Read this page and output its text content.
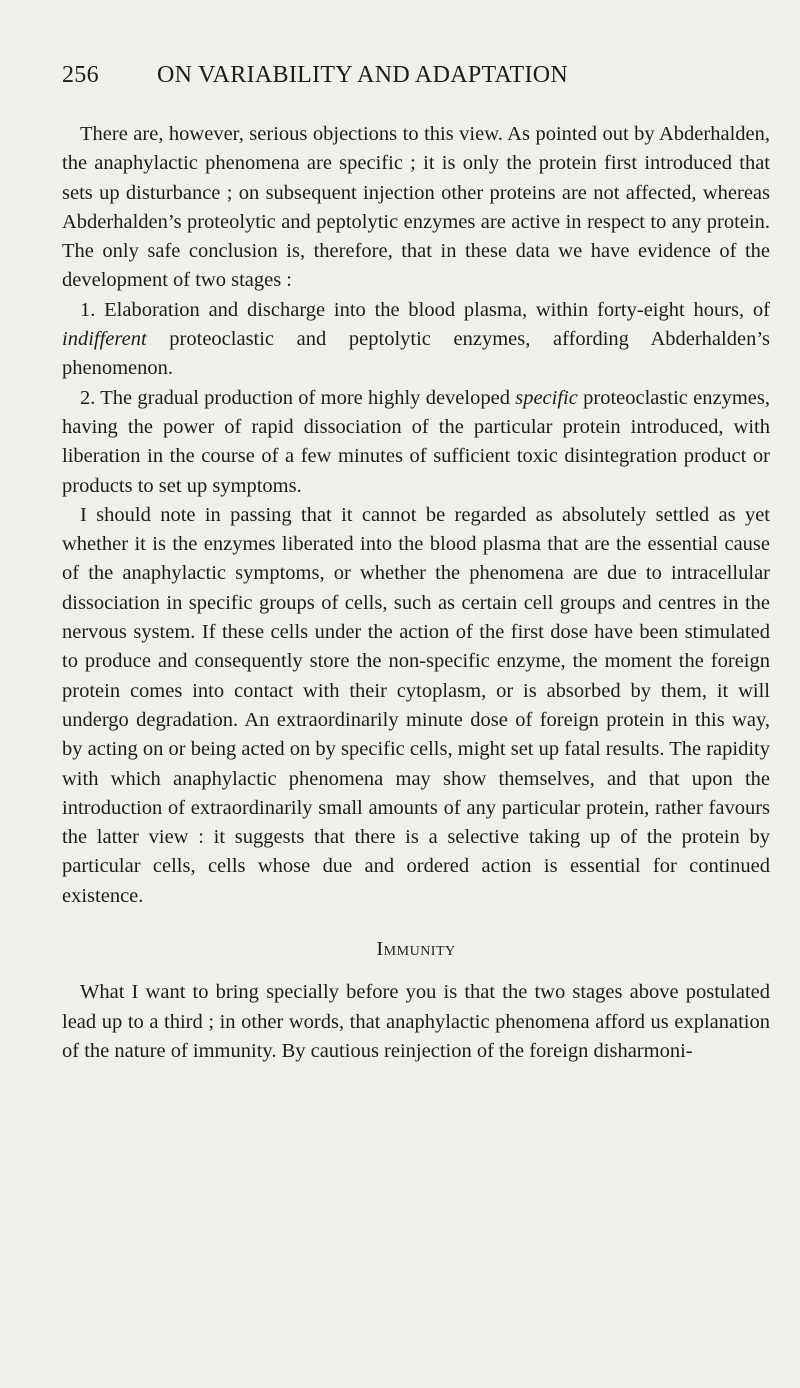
256 ON VARIABILITY AND ADAPTATION

There are, however, serious objections to this view. As pointed out by Abderhalden, the anaphylactic phenomena are specific ; it is only the protein first introduced that sets up disturbance ; on subsequent injection other proteins are not affected, whereas Abderhalden’s proteolytic and peptolytic enzymes are active in respect to any protein. The only safe conclusion is, therefore, that in these data we have evidence of the development of two stages :

1. Elaboration and discharge into the blood plasma, within forty-eight hours, of indifferent proteoclastic and peptolytic enzymes, affording Abderhalden’s phenomenon.

2. The gradual production of more highly developed specific proteoclastic enzymes, having the power of rapid dissociation of the particular protein introduced, with liberation in the course of a few minutes of sufficient toxic disintegration product or products to set up symptoms.

I should note in passing that it cannot be regarded as absolutely settled as yet whether it is the enzymes liberated into the blood plasma that are the essential cause of the anaphylactic symptoms, or whether the phenomena are due to intracellular dissociation in specific groups of cells, such as certain cell groups and centres in the nervous system. If these cells under the action of the first dose have been stimulated to produce and consequently store the non-specific enzyme, the moment the foreign protein comes into contact with their cytoplasm, or is absorbed by them, it will undergo degradation. An extraordinarily minute dose of foreign protein in this way, by acting on or being acted on by specific cells, might set up fatal results. The rapidity with which anaphylactic phenomena may show themselves, and that upon the introduction of extraordinarily small amounts of any particular protein, rather favours the latter view : it suggests that there is a selective taking up of the protein by particular cells, cells whose due and ordered action is essential for continued existence.

Immunity

What I want to bring specially before you is that the two stages above postulated lead up to a third ; in other words, that anaphylactic phenomena afford us explanation of the nature of immunity. By cautious reinjection of the foreign disharmoni-
